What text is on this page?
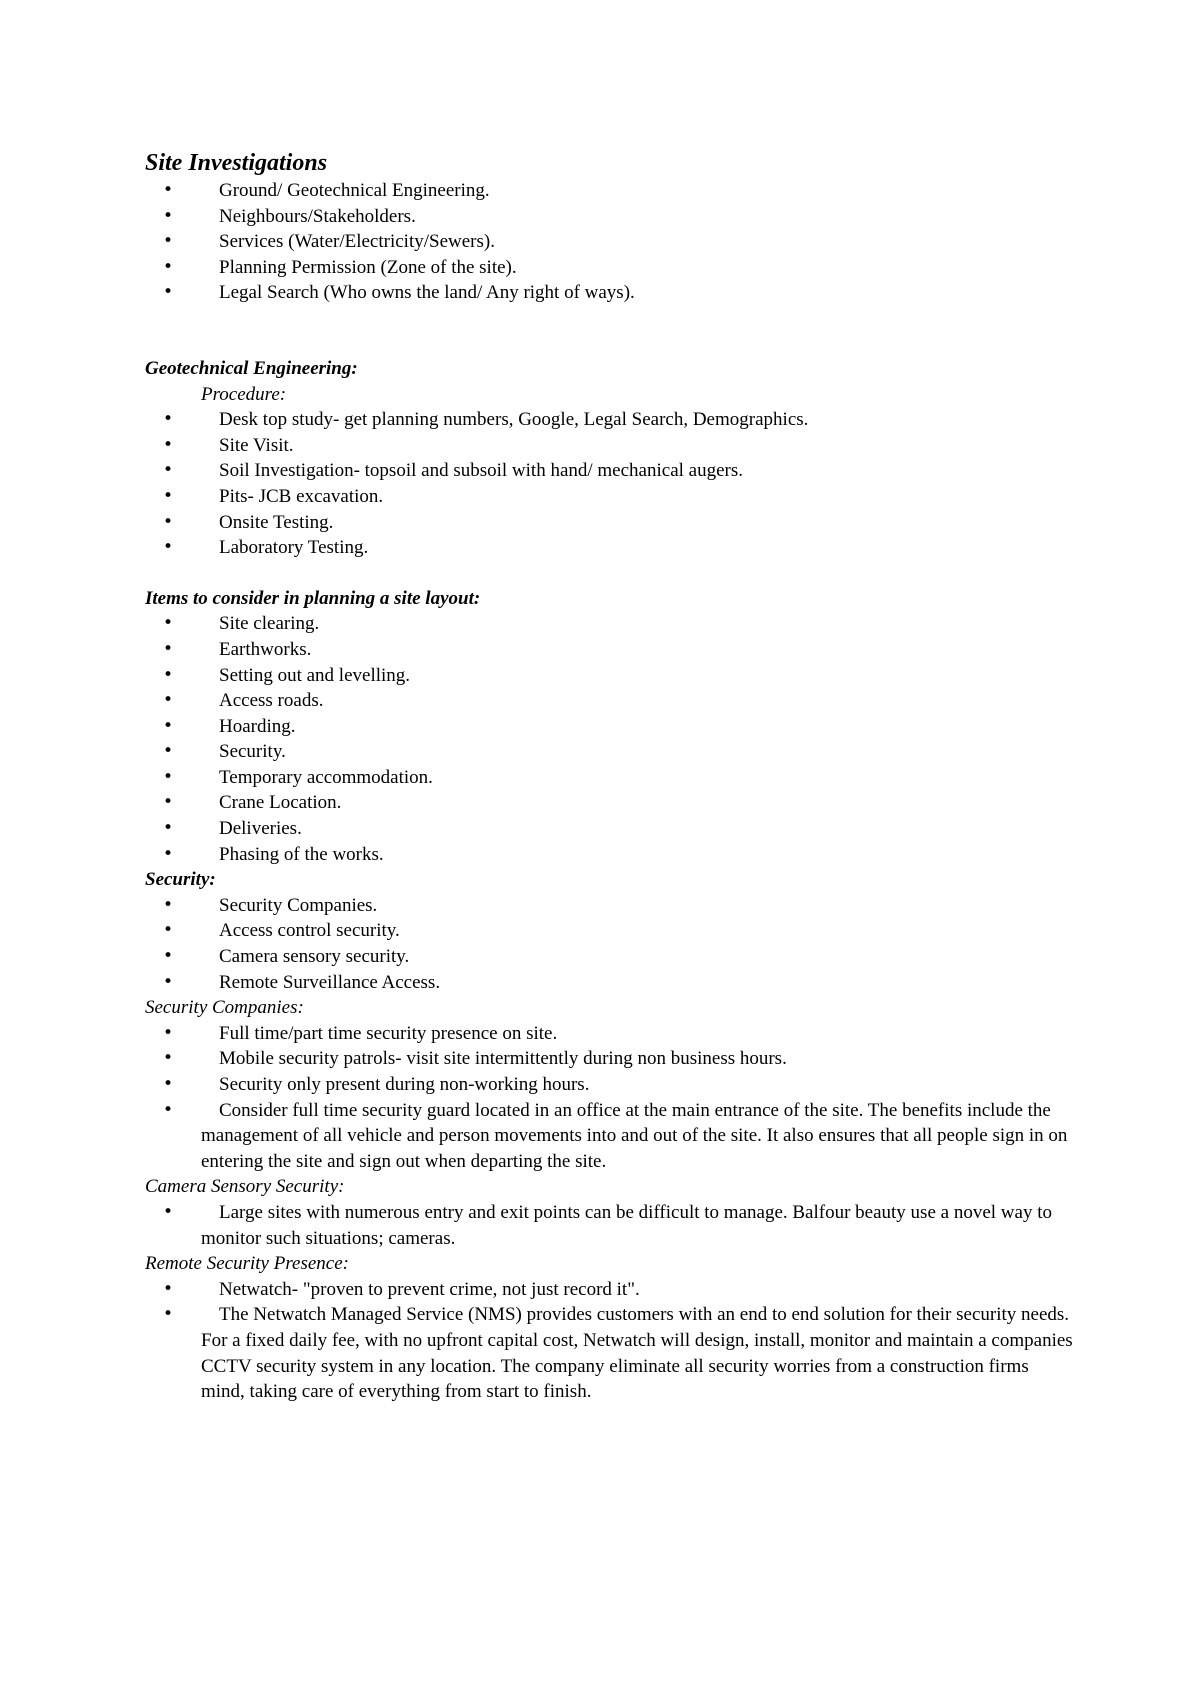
Site Investigations
• Ground/ Geotechnical Engineering.
• Neighbours/Stakeholders.
• Services (Water/Electricity/Sewers).
• Planning Permission (Zone of the site).
• Legal Search (Who owns the land/ Any right of ways).
Geotechnical Engineering:
Procedure:
• Desk top study- get planning numbers, Google, Legal Search, Demographics.
• Site Visit.
• Soil Investigation- topsoil and subsoil with hand/ mechanical augers.
• Pits- JCB excavation.
• Onsite Testing.
• Laboratory Testing.
Items to consider in planning a site layout:
• Site clearing.
• Earthworks.
• Setting out and levelling.
• Access roads.
• Hoarding.
• Security.
• Temporary accommodation.
• Crane Location.
• Deliveries.
• Phasing of the works.
Security:
• Security Companies.
• Access control security.
• Camera sensory security.
• Remote Surveillance Access.
Security Companies:
• Full time/part time security presence on site.
• Mobile security patrols- visit site intermittently during non business hours.
• Security only present during non-working hours.
• Consider full time security guard located in an office at the main entrance of the site. The benefits include the management of all vehicle and person movements into and out of the site. It also ensures that all people sign in on entering the site and sign out when departing the site.
Camera Sensory Security:
• Large sites with numerous entry and exit points can be difficult to manage. Balfour beauty use a novel way to monitor such situations; cameras.
Remote Security Presence:
• Netwatch- "proven to prevent crime, not just record it".
• The Netwatch Managed Service (NMS) provides customers with an end to end solution for their security needs. For a fixed daily fee, with no upfront capital cost, Netwatch will design, install, monitor and maintain a companies CCTV security system in any location. The company eliminate all security worries from a construction firms mind, taking care of everything from start to finish.
